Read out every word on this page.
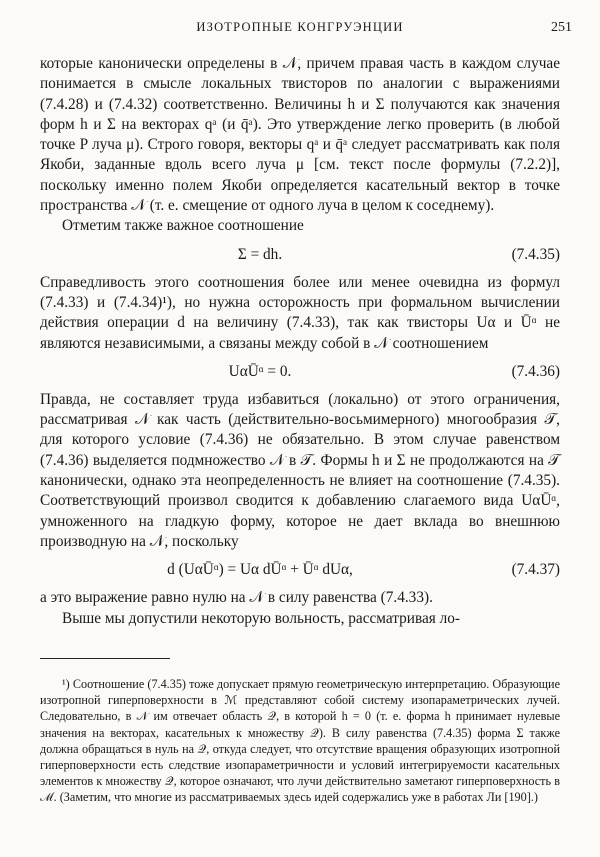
ИЗОТРОПНЫЕ КОНГРУЭНЦИИ	251

которые канонически определены в 𝒩, причем правая часть в каждом случае понимается в смысле локальных твисторов по аналогии с выражениями (7.4.28) и (7.4.32) соответственно. Величины h и Σ получаются как значения форм h и Σ на векторах qᵃ (и q̄ᵃ). Это утверждение легко проверить (в любой точке P луча μ). Строго говоря, векторы qᵃ и q̄ᵃ следует рассматривать как поля Якоби, заданные вдоль всего луча μ [см. текст после формулы (7.2.2)], поскольку именно полем Якоби определяется касательный вектор в точке пространства 𝒩 (т. е. смещение от одного луча в целом к соседнему).

Отметим также важное соотношение

Σ = dh.	(7.4.35)

Справедливость этого соотношения более или менее очевидна из формул (7.4.33) и (7.4.34)¹), но нужна осторожность при формальном вычислении действия операции d на величину (7.4.33), так как твисторы Uα и Ūᵅ не являются независимыми, а связаны между собой в 𝒩 соотношением

UαŪᵅ = 0.	(7.4.36)

Правда, не составляет труда избавиться (локально) от этого ограничения, рассматривая 𝒩 как часть (действительно-восьмимерного) многообразия 𝒯, для которого условие (7.4.36) не обязательно. В этом случае равенством (7.4.36) выделяется подмножество 𝒩 в 𝒯. Формы h и Σ не продолжаются на 𝒯 канонически, однако эта неопределенность не влияет на соотношение (7.4.35). Соответствующий произвол сводится к добавлению слагаемого вида UαŪᵅ, умноженного на гладкую форму, которое не дает вклада во внешнюю производную на 𝒩, поскольку

d (UαŪᵅ) = Uα dŪᵅ + Ūᵅ dUα,	(7.4.37)

а это выражение равно нулю на 𝒩 в силу равенства (7.4.33).

Выше мы допустили некоторую вольность, рассматривая ло-

¹) Соотношение (7.4.35) тоже допускает прямую геометрическую интерпретацию. Образующие изотропной гиперповерхности в ℳ представляют собой систему изопараметрических лучей. Следовательно, в 𝒩 им отвечает область 𝒬, в которой h = 0 (т. е. форма h принимает нулевые значения на векторах, касательных к множеству 𝒬). В силу равенства (7.4.35) форма Σ также должна обращаться в нуль на 𝒬, откуда следует, что отсутствие вращения образующих изотропной гиперповерхности есть следствие изопараметричности и условий интегрируемости касательных элементов к множеству 𝒬, которое означают, что лучи действительно заметают гиперповерхность в ℳ. (Заметим, что многие из рассматриваемых здесь идей содержались уже в работах Ли [190].)
